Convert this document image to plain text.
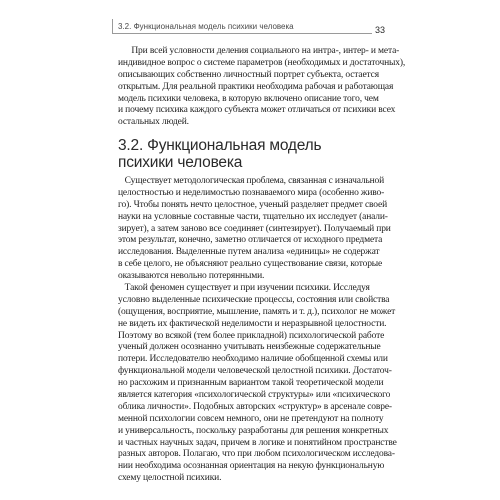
3.2. Функциональная модель психики человека	33
При всей условности деления социального на интра-, интер- и мета-
индивидное вопрос о системе параметров (необходимых и достаточных),
описывающих собственно личностный портрет субъекта, остается
открытым. Для реальной практики необходима рабочая и работающая
модель психики человека, в которую включено описание того, чем
и почему психика каждого субъекта может отличаться от психики всех
остальных людей.
3.2. Функциональная модель
психики человека
Существует методологическая проблема, связанная с изначальной
целостностью и неделимостью познаваемого мира (особенно живо-
го). Чтобы понять нечто целостное, ученый разделяет предмет своей
науки на условные составные части, тщательно их исследует (анали-
зирует), а затем заново все соединяет (синтезирует). Получаемый при
этом результат, конечно, заметно отличается от исходного предмета
исследования. Выделенные путем анализа «единицы» не содержат
в себе целого, не объясняют реально существование связи, которые
оказываются невольно потерянными.
Такой феномен существует и при изучении психики. Исследуя
условно выделенные психические процессы, состояния или свойства
(ощущения, восприятие, мышление, память и т. д.), психолог не может
не видеть их фактической неделимости и неразрывной целостности.
Поэтому во всякой (тем более прикладной) психологической работе
ученый должен осознанно учитывать неизбежные содержательные
потери. Исследователю необходимо наличие обобщенной схемы или
функциональной модели человеческой целостной психики. Достаточ-
но расхожим и признанным вариантом такой теоретической модели
является категория «психологической структуры» или «психического
облика личности». Подобных авторских «структур» в арсенале совре-
менной психологии совсем немного, они не претендуют на полноту
и универсальность, поскольку разработаны для решения конкретных
и частных научных задач, причем в логике и понятийном пространстве
разных авторов. Полагаю, что при любом психологическом исследова-
нии необходима осознанная ориентация на некую функциональную
схему целостной психики.
